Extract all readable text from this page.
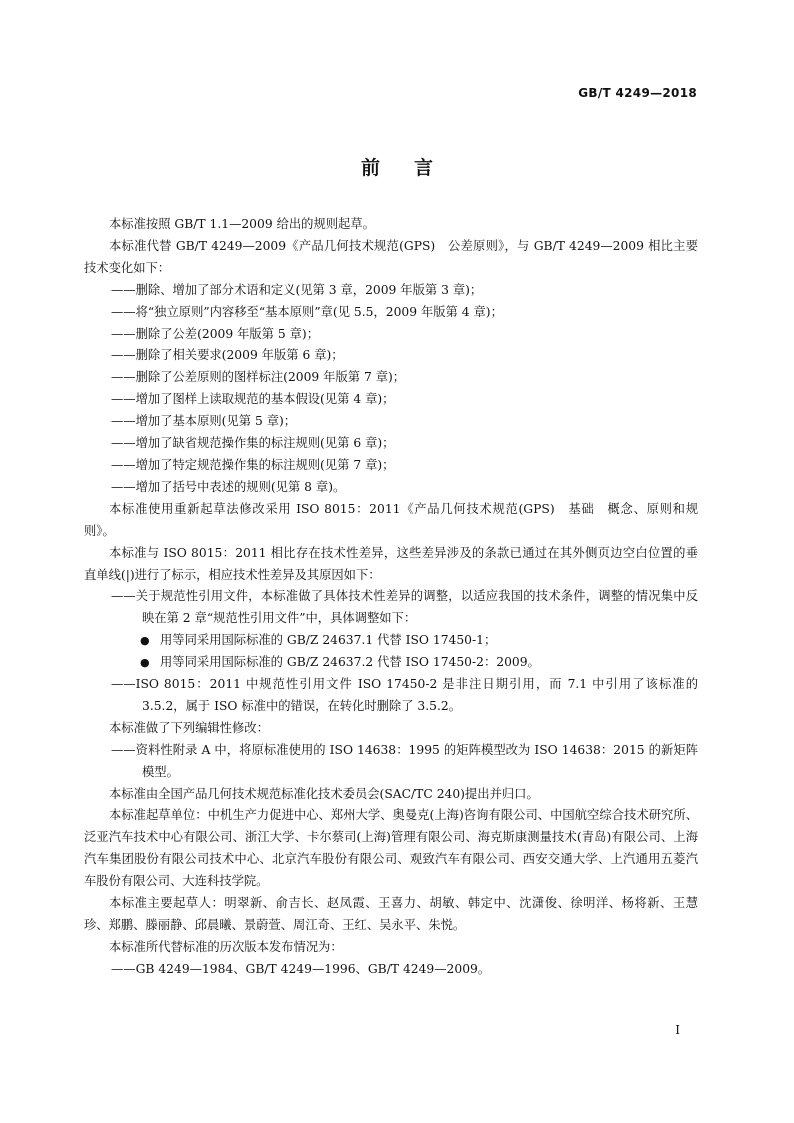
GB/T 4249—2018
前言

本标准按照 GB/T 1.1—2009 给出的规则起草。

本标准代替 GB/T 4249—2009《产品几何技术规范(GPS)　公差原则》，与 GB/T 4249—2009 相比主要技术变化如下：

——删除、增加了部分术语和定义(见第 3 章，2009 年版第 3 章)；

——将“独立原则”内容移至“基本原则”章(见 5.5，2009 年版第 4 章)；

——删除了公差(2009 年版第 5 章)；

——删除了相关要求(2009 年版第 6 章)；

——删除了公差原则的图样标注(2009 年版第 7 章)；

——增加了图样上读取规范的基本假设(见第 4 章)；

——增加了基本原则(见第 5 章)；

——增加了缺省规范操作集的标注规则(见第 6 章)；

——增加了特定规范操作集的标注规则(见第 7 章)；

——增加了括号中表述的规则(见第 8 章)。

本标准使用重新起草法修改采用 ISO 8015：2011《产品几何技术规范(GPS)　基础　概念、原则和规则》。

本标准与 ISO 8015：2011 相比存在技术性差异，这些差异涉及的条款已通过在其外侧页边空白位置的垂直单线(|)进行了标示，相应技术性差异及其原因如下：

——关于规范性引用文件，本标准做了具体技术性差异的调整，以适应我国的技术条件，调整的情况集中反映在第 2 章“规范性引用文件”中，具体调整如下：

● 用等同采用国际标准的 GB/Z 24637.1 代替 ISO 17450-1；

● 用等同采用国际标准的 GB/Z 24637.2 代替 ISO 17450-2：2009。

——ISO 8015：2011 中规范性引用文件 ISO 17450-2 是非注日期引用，而 7.1 中引用了该标准的 3.5.2，属于 ISO 标准中的错误，在转化时删除了 3.5.2。

本标准做了下列编辑性修改：

——资料性附录 A 中，将原标准使用的 ISO 14638：1995 的矩阵模型改为 ISO 14638：2015 的新矩阵模型。

本标准由全国产品几何技术规范标准化技术委员会(SAC/TC 240)提出并归口。

本标准起草单位：中机生产力促进中心、郑州大学、奥曼克(上海)咨询有限公司、中国航空综合技术研究所、泛亚汽车技术中心有限公司、浙江大学、卡尔蔡司(上海)管理有限公司、海克斯康测量技术(青岛)有限公司、上海汽车集团股份有限公司技术中心、北京汽车股份有限公司、观致汽车有限公司、西安交通大学、上汽通用五菱汽车股份有限公司、大连科技学院。

本标准主要起草人：明翠新、俞吉长、赵凤霞、王喜力、胡敏、韩定中、沈潇俊、徐明洋、杨将新、王慧珍、郑鹏、滕丽静、邱晨曦、景蔚萱、周江奇、王红、吴永平、朱悦。

本标准所代替标准的历次版本发布情况为：

——GB 4249—1984、GB/T 4249—1996、GB/T 4249—2009。

I
